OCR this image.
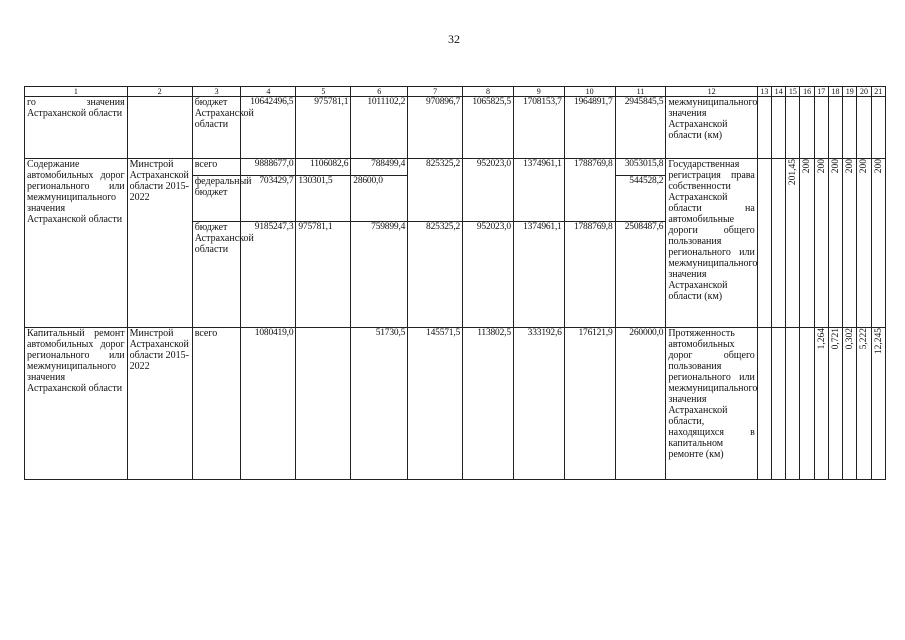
32
1	2	3	4	5	6	7	8	9	10	11	12	13	14	15	16	17	18	19	20	21
го значения Астраханской области		бюджет Астраханской области	10642496,5	975781,1	1011102,2	970896,7	1065825,5	1708153,7	1964891,7	2945845,5	межмуниципального значения Астраханской области (км)									
Содержание автомобильных дорог регионального или межмуниципального значения Астраханской области	Минстрой Астраханской области 2015-2022	всего	9888677,0	1106082,6	788499,4	825325,2	952023,0	1374961,1	1788769,8	3053015,8	Государственная регистрация права собственности Астраханской области на автомобильные дороги общего пользования регионального или межмуниципального значения Астраханской области (км)			201,45	200	200	200	200	200	200
		федеральный бюджет	703429,7	130301,5	28600,0					544528,2										
		бюджет Астраханской области	9185247,3	975781,1	759899,4	825325,2	952023,0	1374961,1	1788769,8	2508487,6										
Капитальный ремонт автомобильных дорог регионального или межмуниципального значения Астраханской области	Минстрой Астраханской области 2015-2022	всего	1080419,0		51730,5	145571,5	113802,5	333192,6	176121,9	260000,0	Протяженность автомобильных дорог общего пользования регионального или межмуниципального значения Астраханской области, находящихся в капитальном ремонте (км)					1,264	0,721	0,302	5,222	12,245
